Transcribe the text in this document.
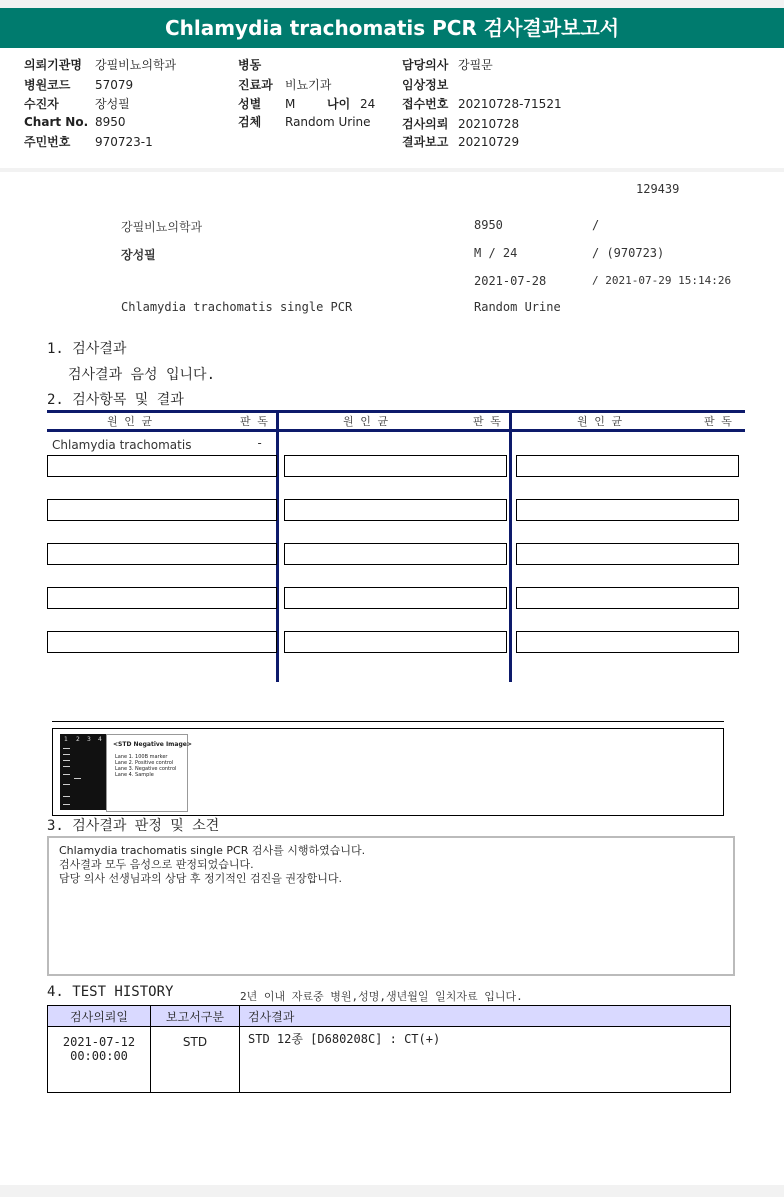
Chlamydia trachomatis PCR 검사결과보고서
의뢰기관명 강필비뇨의학과
병원코드 57079
수진자	장성필
Chart No. 8950
주민번호 970723-1
병동
진료과 비뇨기과
성별 M	나이 24
검체 Random Urine
담당의사 강필문
임상정보
접수번호 20210728-71521
검사의뢰 20210728
결과보고 20210729
129439
강필비뇨의학과	8950	/
장성필	M / 24	/ (970723)
2021-07-28	/ 2021-07-29 15:14:26
Chlamydia trachomatis single PCR	Random Urine
1. 검사결과
검사결과 음성 입니다.
2. 검사항목 및 결과
원 인 균	판 독	원 인 균	판 독	원 인 균	판 독
Chlamydia trachomatis	-
1 2 3 4
<STD Negative Image>
Lane 1. 100B marker
Lane 2. Positive control
Lane 3. Negative control
Lane 4. Sample
3. 검사결과 판정 및 소견
Chlamydia trachomatis single PCR 검사를 시행하였습니다.
검사결과 모두 음성으로 판정되었습니다.
담당 의사 선생님과의 상담 후 정기적인 검진을 권장합니다.
4. TEST HISTORY	2년 이내 자료중 병원,성명,생년월일 일치자료 입니다.
검사의뢰일	보고서구분	검사결과

2021-07-12
00:00:00	STD	STD 12종 [D680208C] : CT(+)
